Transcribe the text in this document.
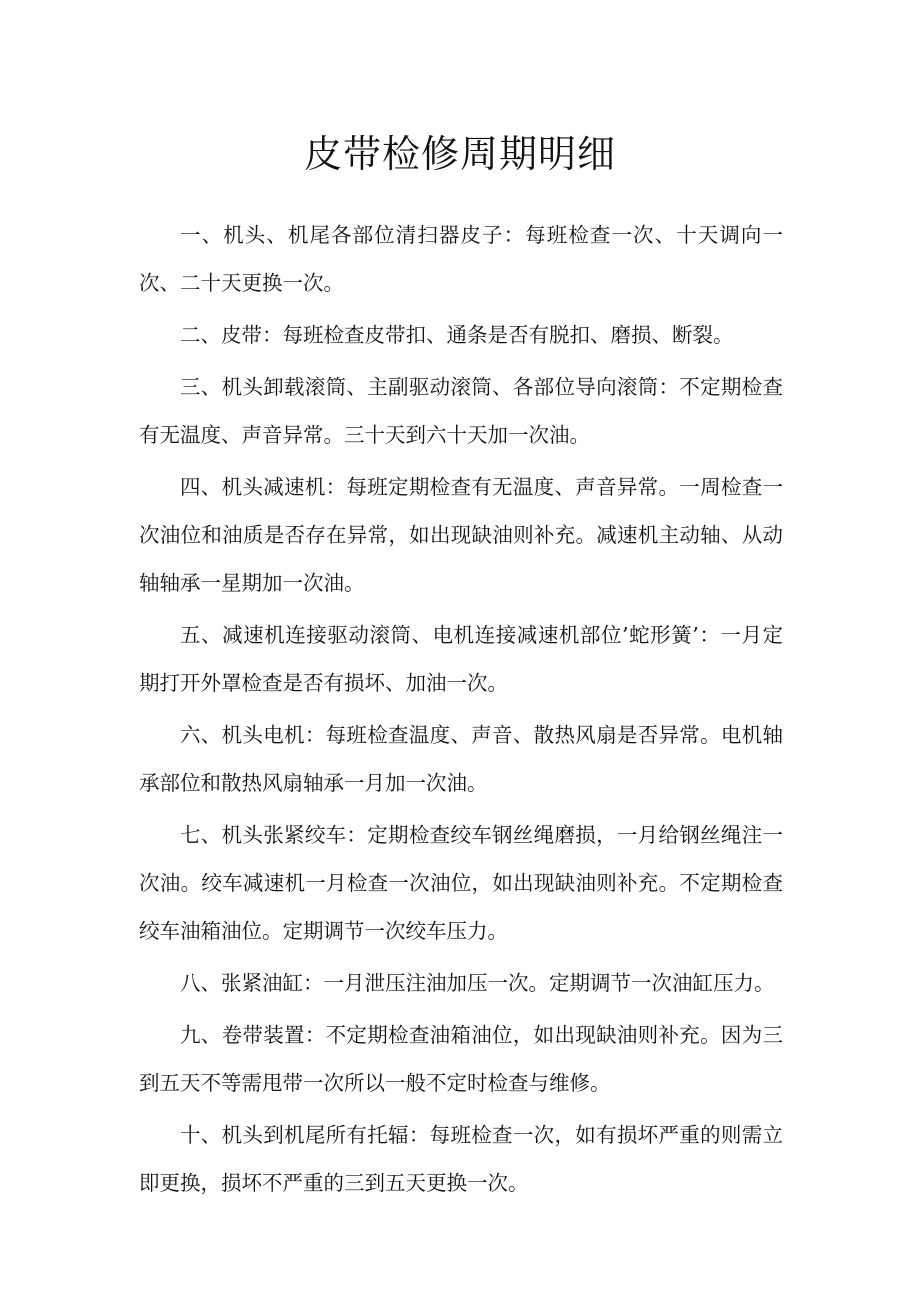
皮带检修周期明细

一、机头、机尾各部位清扫器皮子：每班检查一次、十天调向一次、二十天更换一次。

二、皮带：每班检查皮带扣、通条是否有脱扣、磨损、断裂。

三、机头卸载滚筒、主副驱动滚筒、各部位导向滚筒：不定期检查有无温度、声音异常。三十天到六十天加一次油。

四、机头减速机：每班定期检查有无温度、声音异常。一周检查一次油位和油质是否存在异常，如出现缺油则补充。减速机主动轴、从动轴轴承一星期加一次油。

五、减速机连接驱动滚筒、电机连接减速机部位’蛇形簧’：一月定期打开外罩检查是否有损坏、加油一次。

六、机头电机：每班检查温度、声音、散热风扇是否异常。电机轴承部位和散热风扇轴承一月加一次油。

七、机头张紧绞车：定期检查绞车钢丝绳磨损，一月给钢丝绳注一次油。绞车减速机一月检查一次油位，如出现缺油则补充。不定期检查绞车油箱油位。定期调节一次绞车压力。

八、张紧油缸：一月泄压注油加压一次。定期调节一次油缸压力。

九、卷带装置：不定期检查油箱油位，如出现缺油则补充。因为三到五天不等需甩带一次所以一般不定时检查与维修。

十、机头到机尾所有托辐：每班检查一次，如有损坏严重的则需立即更换，损坏不严重的三到五天更换一次。
